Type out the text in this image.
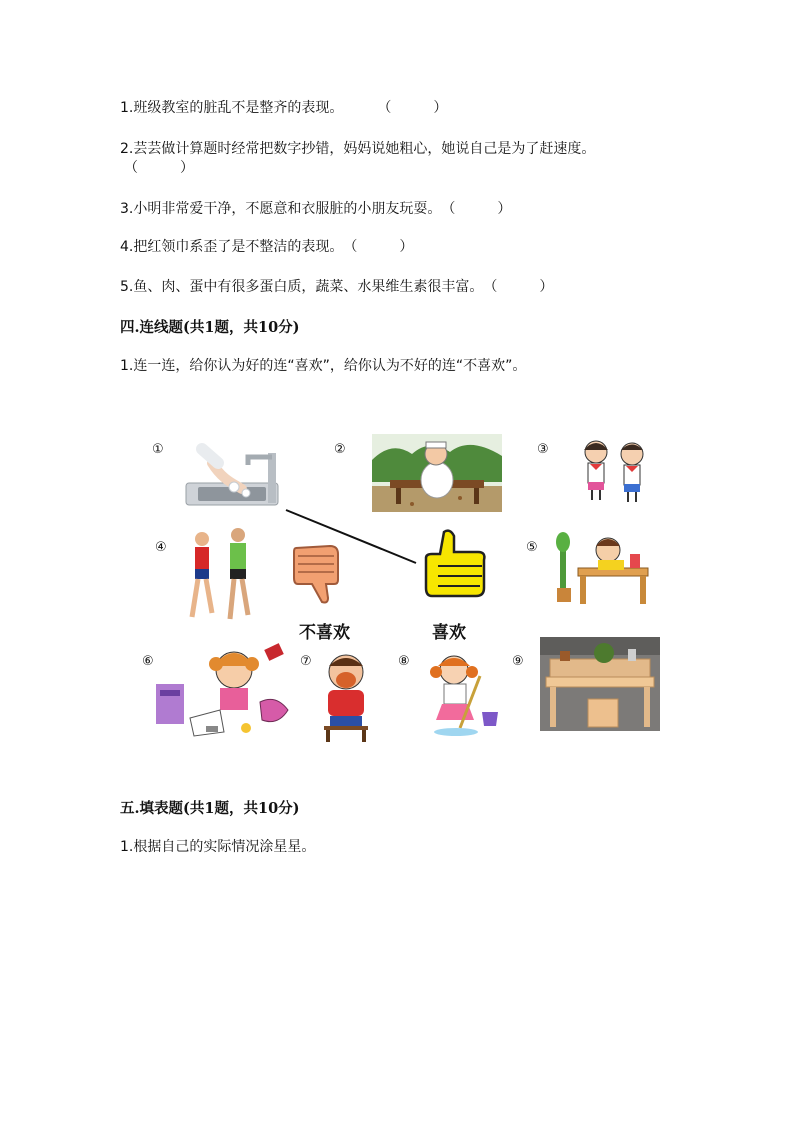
1.班级教室的脏乱不是整齐的表现。 （　　　）
2.芸芸做计算题时经常把数字抄错，妈妈说她粗心，她说自己是为了赶速度。
（　　　）
3.小明非常爱干净，不愿意和衣服脏的小朋友玩耍。（　　　）
4.把红领巾系歪了是不整洁的表现。（　　　）
5.鱼、肉、蛋中有很多蛋白质，蔬菜、水果维生素很丰富。（　　　）
四.连线题(共1题，共10分)
1.连一连，给你认为好的连“喜欢”，给你认为不好的连“不喜欢”。
①	②	③
④
不喜欢	喜欢
⑤
⑥	⑦	⑧	⑨
五.填表题(共1题，共10分)
1.根据自己的实际情况涂星星。
